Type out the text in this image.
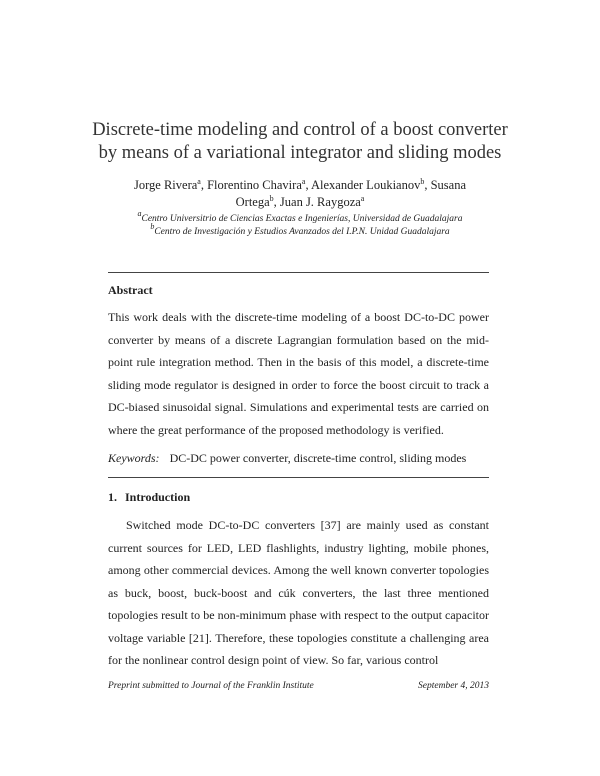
Discrete-time modeling and control of a boost converter
by means of a variational integrator and sliding modes
Jorge Rivera$^a$, Florentino Chavira$^a$, Alexander Loukianov$^b$, Susana
Ortega$^b$, Juan J. Raygoza$^a$
$^a$Centro Universitrio de Ciencias Exactas e Ingenierías, Universidad de Guadalajara
$^b$Centro de Investigación y Estudios Avanzados del I.P.N. Unidad Guadalajara
Abstract
This work deals with the discrete-time modeling of a boost DC-to-DC power converter by means of a discrete Lagrangian formulation based on the mid-point rule integration method. Then in the basis of this model, a discrete-time sliding mode regulator is designed in order to force the boost circuit to track a DC-biased sinusoidal signal. Simulations and experimental tests are carried on where the great performance of the proposed methodology is verified.
Keywords: DC-DC power converter, discrete-time control, sliding modes
1. Introduction
Switched mode DC-to-DC converters [37] are mainly used as constant current sources for LED, LED flashlights, industry lighting, mobile phones, among other commercial devices. Among the well known converter topologies as buck, boost, buck-boost and cúk converters, the last three mentioned topologies result to be non-minimum phase with respect to the output capacitor voltage variable [21]. Therefore, these topologies constitute a challenging area for the nonlinear control design point of view. So far, various control
Preprint submitted to Journal of the Franklin Institute	September 4, 2013
